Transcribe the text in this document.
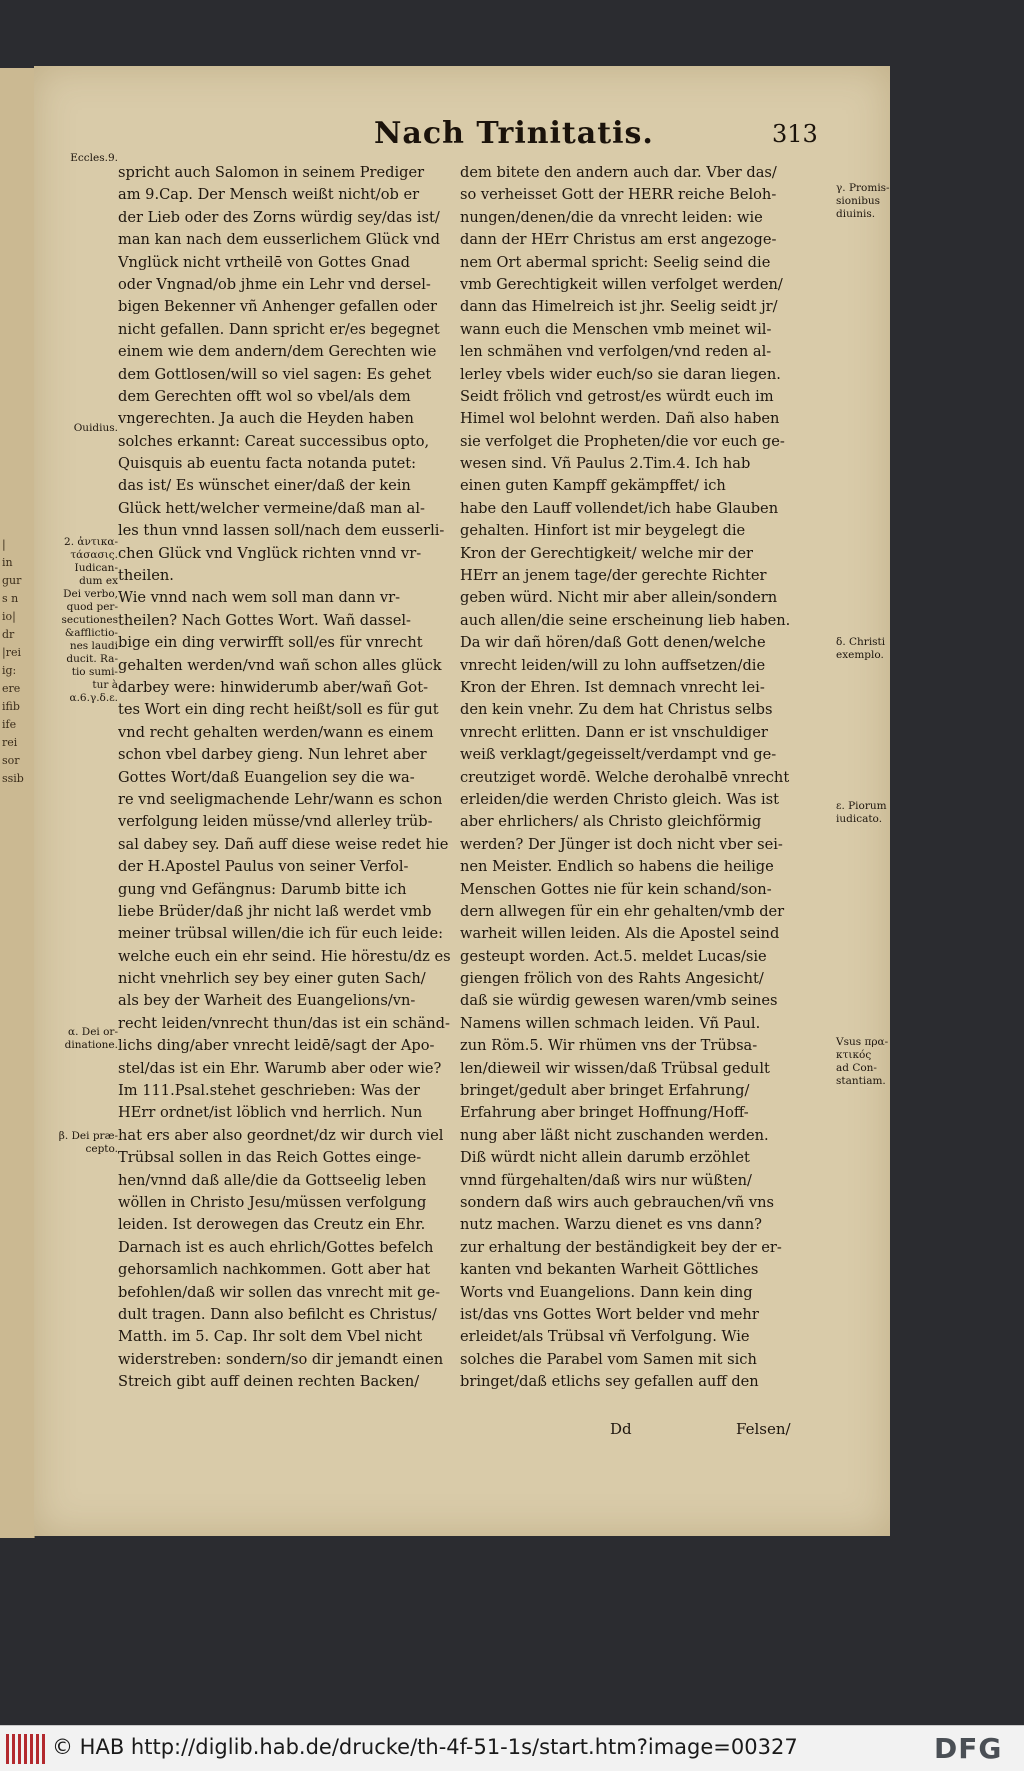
|
in
gur
s n
io|
dr
|rei
ig:
ere
ifib
ife
rei
sor
ssib
Nach Trinitatis.	313
spricht auch Salomon in seinem Prediger
am 9.Cap. Der Mensch weißt nicht/ob er
der Lieb oder des Zorns würdig sey/das ist/
man kan nach dem eusserlichem Glück vnd
Vnglück nicht vrtheilē von Gottes Gnad
oder Vngnad/ob jhme ein Lehr vnd dersel-
bigen Bekenner vñ Anhenger gefallen oder
nicht gefallen. Dann spricht er/es begegnet
einem wie dem andern/dem Gerechten wie
dem Gottlosen/will so viel sagen: Es gehet
dem Gerechten offt wol so vbel/als dem
vngerechten. Ja auch die Heyden haben
solches erkannt: Careat successibus opto,
Quisquis ab euentu facta notanda putet:
das ist/ Es wünschet einer/daß der kein
Glück hett/welcher vermeine/daß man al-
les thun vnnd lassen soll/nach dem eusserli-
chen Glück vnd Vnglück richten vnnd vr-
theilen.
Wie vnnd nach wem soll man dann vr-
theilen? Nach Gottes Wort. Wañ dassel-
bige ein ding verwirfft soll/es für vnrecht
gehalten werden/vnd wañ schon alles glück
darbey were: hinwiderumb aber/wañ Got-
tes Wort ein ding recht heißt/soll es für gut
vnd recht gehalten werden/wann es einem
schon vbel darbey gieng. Nun lehret aber
Gottes Wort/daß Euangelion sey die wa-
re vnd seeligmachende Lehr/wann es schon
verfolgung leiden müsse/vnd allerley trüb-
sal dabey sey. Dañ auff diese weise redet hie
der H.Apostel Paulus von seiner Verfol-
gung vnd Gefängnus: Darumb bitte ich
liebe Brüder/daß jhr nicht laß werdet vmb
meiner trübsal willen/die ich für euch leide:
welche euch ein ehr seind. Hie hörestu/dz es
nicht vnehrlich sey bey einer guten Sach/
als bey der Warheit des Euangelions/vn-
recht leiden/vnrecht thun/das ist ein schänd-
lichs ding/aber vnrecht leidē/sagt der Apo-
stel/das ist ein Ehr. Warumb aber oder wie?
Im 111.Psal.stehet geschrieben: Was der
HErr ordnet/ist löblich vnd herrlich. Nun
hat ers aber also geordnet/dz wir durch viel
Trübsal sollen in das Reich Gottes einge-
hen/vnnd daß alle/die da Gottseelig leben
wöllen in Christo Jesu/müssen verfolgung
leiden. Ist derowegen das Creutz ein Ehr.
Darnach ist es auch ehrlich/Gottes befelch
gehorsamlich nachkommen. Gott aber hat
befohlen/daß wir sollen das vnrecht mit ge-
dult tragen. Dann also befilcht es Christus/
Matth. im 5. Cap. Ihr solt dem Vbel nicht
widerstreben: sondern/so dir jemandt einen
Streich gibt auff deinen rechten Backen/
dem bitete den andern auch dar. Vber das/
so verheisset Gott der HERR reiche Beloh-
nungen/denen/die da vnrecht leiden: wie
dann der HErr Christus am erst angezoge-
nem Ort abermal spricht: Seelig seind die
vmb Gerechtigkeit willen verfolget werden/
dann das Himelreich ist jhr. Seelig seidt jr/
wann euch die Menschen vmb meinet wil-
len schmähen vnd verfolgen/vnd reden al-
lerley vbels wider euch/so sie daran liegen.
Seidt frölich vnd getrost/es würdt euch im
Himel wol belohnt werden. Dañ also haben
sie verfolget die Propheten/die vor euch ge-
wesen sind. Vñ Paulus 2.Tim.4. Ich hab
einen guten Kampff gekämpffet/ ich
habe den Lauff vollendet/ich habe Glauben
gehalten. Hinfort ist mir beygelegt die
Kron der Gerechtigkeit/ welche mir der
HErr an jenem tage/der gerechte Richter
geben würd. Nicht mir aber allein/sondern
auch allen/die seine erscheinung lieb haben.
Da wir dañ hören/daß Gott denen/welche
vnrecht leiden/will zu lohn auffsetzen/die
Kron der Ehren. Ist demnach vnrecht lei-
den kein vnehr. Zu dem hat Christus selbs
vnrecht erlitten. Dann er ist vnschuldiger
weiß verklagt/gegeisselt/verdampt vnd ge-
creutziget wordē. Welche derohalbē vnrecht
erleiden/die werden Christo gleich. Was ist
aber ehrlichers/ als Christo gleichförmig
werden? Der Jünger ist doch nicht vber sei-
nen Meister. Endlich so habens die heilige
Menschen Gottes nie für kein schand/son-
dern allwegen für ein ehr gehalten/vmb der
warheit willen leiden. Als die Apostel seind
gesteupt worden. Act.5. meldet Lucas/sie
giengen frölich von des Rahts Angesicht/
daß sie würdig gewesen waren/vmb seines
Namens willen schmach leiden. Vñ Paul.
zun Röm.5. Wir rhümen vns der Trübsa-
len/dieweil wir wissen/daß Trübsal gedult
bringet/gedult aber bringet Erfahrung/
Erfahrung aber bringet Hoffnung/Hoff-
nung aber läßt nicht zuschanden werden.
Diß würdt nicht allein darumb erzöhlet
vnnd fürgehalten/daß wirs nur wüßten/
sondern daß wirs auch gebrauchen/vñ vns
nutz machen. Warzu dienet es vns dann?
zur erhaltung der beständigkeit bey der er-
kanten vnd bekanten Warheit Göttliches
Worts vnd Euangelions. Dann kein ding
ist/das vns Gottes Wort belder vnd mehr
erleidet/als Trübsal vñ Verfolgung. Wie
solches die Parabel vom Samen mit sich
bringet/daß etlichs sey gefallen auff den
Eccles.9.
Ouidius.
2. ἀντικα-
τάσασις.
Iudican-
dum ex
Dei verbo,
quod per-
secutiones
&afflictio-
nes laudi
ducit. Ra-
tio sumi-
tur à
α.6.γ.δ.ε.
α. Dei or-
dinatione.
β. Dei præ-
cepto.
γ. Promis-
sionibus
diuinis.
δ. Christi
exemplo.
ε. Piorum
iudicato.
Vsus πρα-
κτικός
ad Con-
stantiam.
Dd	Felsen/
© HAB http://diglib.hab.de/drucke/th-4f-51-1s/start.htm?image=00327	DFG
